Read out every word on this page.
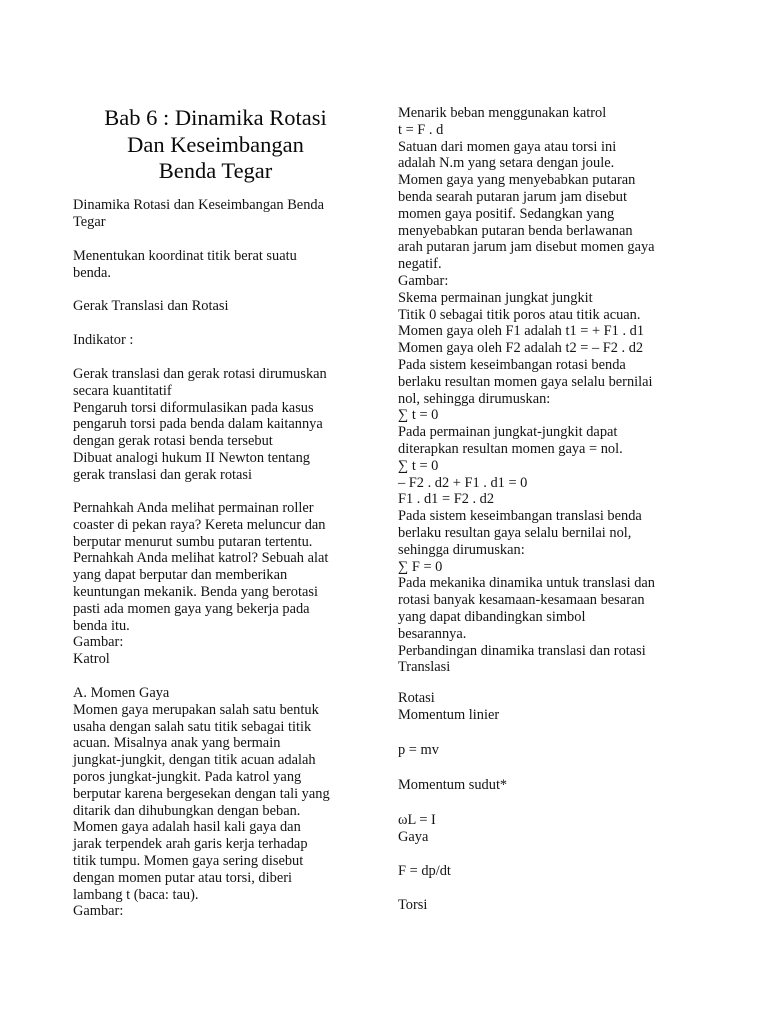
Bab 6 : Dinamika Rotasi
Dan Keseimbangan
Benda Tegar
Dinamika Rotasi dan Keseimbangan Benda
Tegar
Menentukan koordinat titik berat suatu
benda.
Gerak Translasi dan Rotasi
Indikator :
Gerak translasi dan gerak rotasi dirumuskan
secara kuantitatif
Pengaruh torsi diformulasikan pada kasus
pengaruh torsi pada benda dalam kaitannya
dengan gerak rotasi benda tersebut
Dibuat analogi hukum II Newton tentang
gerak translasi dan gerak rotasi
Pernahkah Anda melihat permainan roller
coaster di pekan raya? Kereta meluncur dan
berputar menurut sumbu putaran tertentu.
Pernahkah Anda melihat katrol? Sebuah alat
yang dapat berputar dan memberikan
keuntungan mekanik. Benda yang berotasi
pasti ada momen gaya yang bekerja pada
benda itu.
Gambar:
Katrol
A. Momen Gaya
Momen gaya merupakan salah satu bentuk
usaha dengan salah satu titik sebagai titik
acuan. Misalnya anak yang bermain
jungkat-jungkit, dengan titik acuan adalah
poros jungkat-jungkit. Pada katrol yang
berputar karena bergesekan dengan tali yang
ditarik dan dihubungkan dengan beban.
Momen gaya adalah hasil kali gaya dan
jarak terpendek arah garis kerja terhadap
titik tumpu. Momen gaya sering disebut
dengan momen putar atau torsi, diberi
lambang t (baca: tau).
Gambar:
Menarik beban menggunakan katrol
t = F . d
Satuan dari momen gaya atau torsi ini
adalah N.m yang setara dengan joule.
Momen gaya yang menyebabkan putaran
benda searah putaran jarum jam disebut
momen gaya positif. Sedangkan yang
menyebabkan putaran benda berlawanan
arah putaran jarum jam disebut momen gaya
negatif.
Gambar:
Skema permainan jungkat jungkit
Titik 0 sebagai titik poros atau titik acuan.
Momen gaya oleh F1 adalah t1 = + F1 . d1
Momen gaya oleh F2 adalah t2 = – F2 . d2
Pada sistem keseimbangan rotasi benda
berlaku resultan momen gaya selalu bernilai
nol, sehingga dirumuskan:
∑ t = 0
Pada permainan jungkat-jungkit dapat
diterapkan resultan momen gaya = nol.
∑ t = 0
– F2 . d2 + F1 . d1 = 0
F1 . d1 = F2 . d2
Pada sistem keseimbangan translasi benda
berlaku resultan gaya selalu bernilai nol,
sehingga dirumuskan:
∑ F = 0
Pada mekanika dinamika untuk translasi dan
rotasi banyak kesamaan-kesamaan besaran
yang dapat dibandingkan simbol
besarannya.
Perbandingan dinamika translasi dan rotasi
Translasi
Rotasi
Momentum linier
p = mv
Momentum sudut*
ωL = I
Gaya
F = dp/dt
Torsi
